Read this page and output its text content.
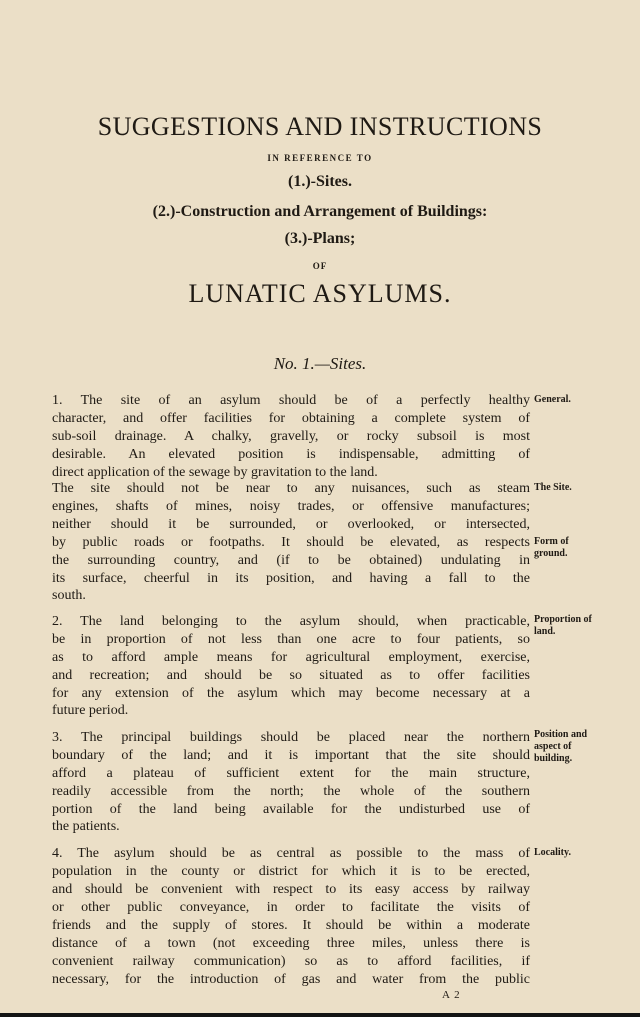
SUGGESTIONS AND INSTRUCTIONS
IN REFERENCE TO
(1.)-Sites.
(2.)-Construction and Arrangement of Buildings:
(3.)-Plans;
OF
LUNATIC ASYLUMS.
No. 1.—Sites.
1. The site of an asylum should be of a perfectly healthy
character, and offer facilities for obtaining a complete system of
sub-soil drainage. A chalky, gravelly, or rocky subsoil is most
desirable. An elevated position is indispensable, admitting of
direct application of the sewage by gravitation to the land.
The site should not be near to any nuisances, such as steam
engines, shafts of mines, noisy trades, or offensive manufactures;
neither should it be surrounded, or overlooked, or intersected,
by public roads or footpaths. It should be elevated, as respects
the surrounding country, and (if to be obtained) undulating in
its surface, cheerful in its position, and having a fall to the
south.
2. The land belonging to the asylum should, when practicable,
be in proportion of not less than one acre to four patients, so
as to afford ample means for agricultural employment, exercise,
and recreation; and should be so situated as to offer facilities
for any extension of the asylum which may become necessary at a
future period.
3. The principal buildings should be placed near the northern
boundary of the land; and it is important that the site should
afford a plateau of sufficient extent for the main structure,
readily accessible from the north; the whole of the southern
portion of the land being available for the undisturbed use of
the patients.
4. The asylum should be as central as possible to the mass of
population in the county or district for which it is to be erected,
and should be convenient with respect to its easy access by railway
or other public conveyance, in order to facilitate the visits of
friends and the supply of stores. It should be within a moderate
distance of a town (not exceeding three miles, unless there is
convenient railway communication) so as to afford facilities, if
necessary, for the introduction of gas and water from the public
General.
The Site.
Form of
ground.
Proportion of
land.
Position and
aspect of
building.
Locality.
A 2
